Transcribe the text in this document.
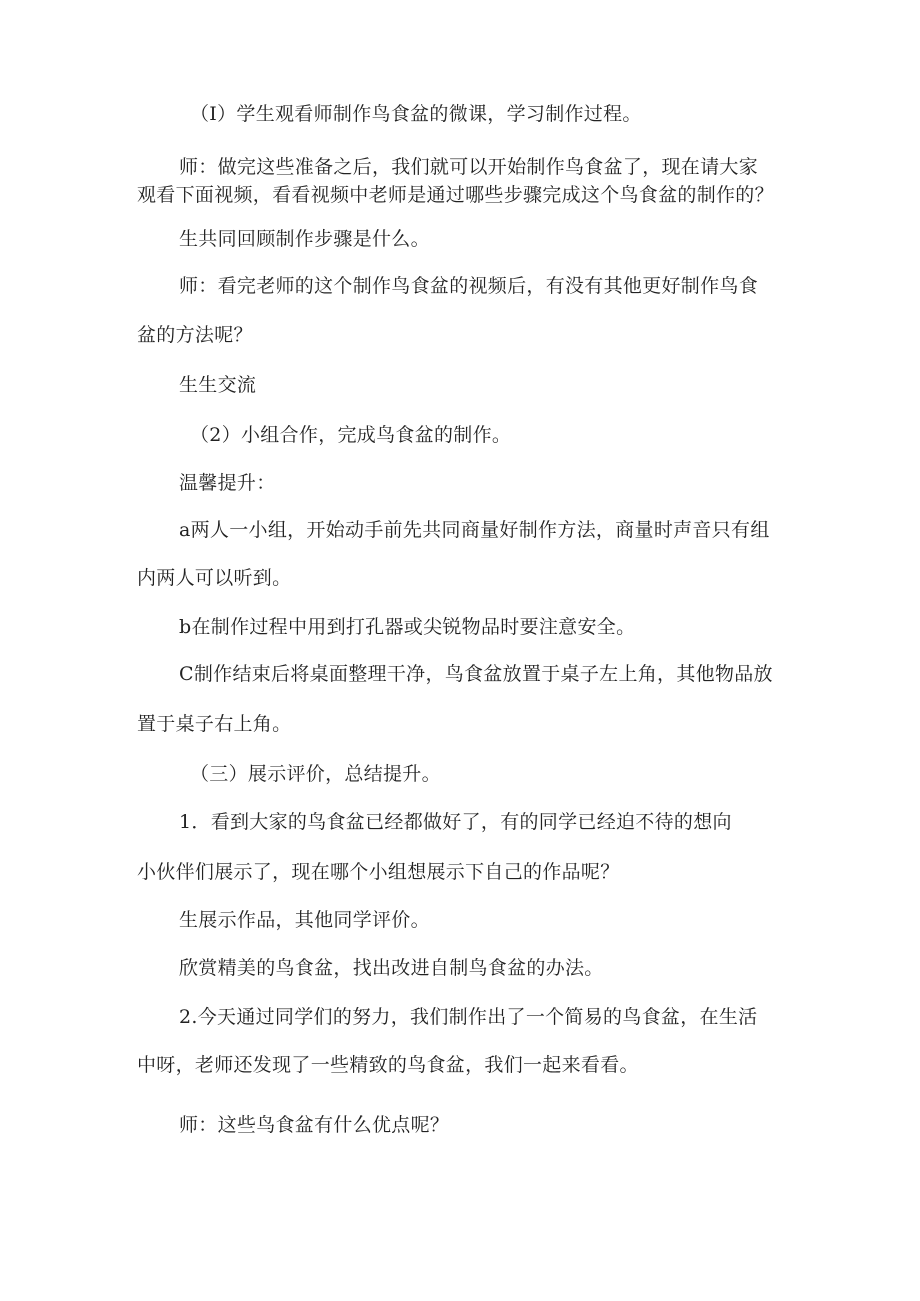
（I）学生观看师制作鸟食盆的微课，学习制作过程。
师：做完这些准备之后，我们就可以开始制作鸟食盆了，现在请大家
观看下面视频，看看视频中老师是通过哪些步骤完成这个鸟食盆的制作的？
生共同回顾制作步骤是什么。
师：看完老师的这个制作鸟食盆的视频后，有没有其他更好制作鸟食
盆的方法呢？
生生交流
（2）小组合作，完成鸟食盆的制作。
温馨提升：
a两人一小组，开始动手前先共同商量好制作方法，商量时声音只有组
内两人可以听到。
b在制作过程中用到打孔器或尖锐物品时要注意安全。
C制作结束后将桌面整理干净，鸟食盆放置于桌子左上角，其他物品放
置于桌子右上角。
（三）展示评价，总结提升。
1．看到大家的鸟食盆已经都做好了，有的同学已经迫不待的想向
小伙伴们展示了，现在哪个小组想展示下自己的作品呢？
生展示作品，其他同学评价。
欣赏精美的鸟食盆，找出改进自制鸟食盆的办法。
2.今天通过同学们的努力，我们制作出了一个简易的鸟食盆，在生活
中呀，老师还发现了一些精致的鸟食盆，我们一起来看看。
师：这些鸟食盆有什么优点呢？
